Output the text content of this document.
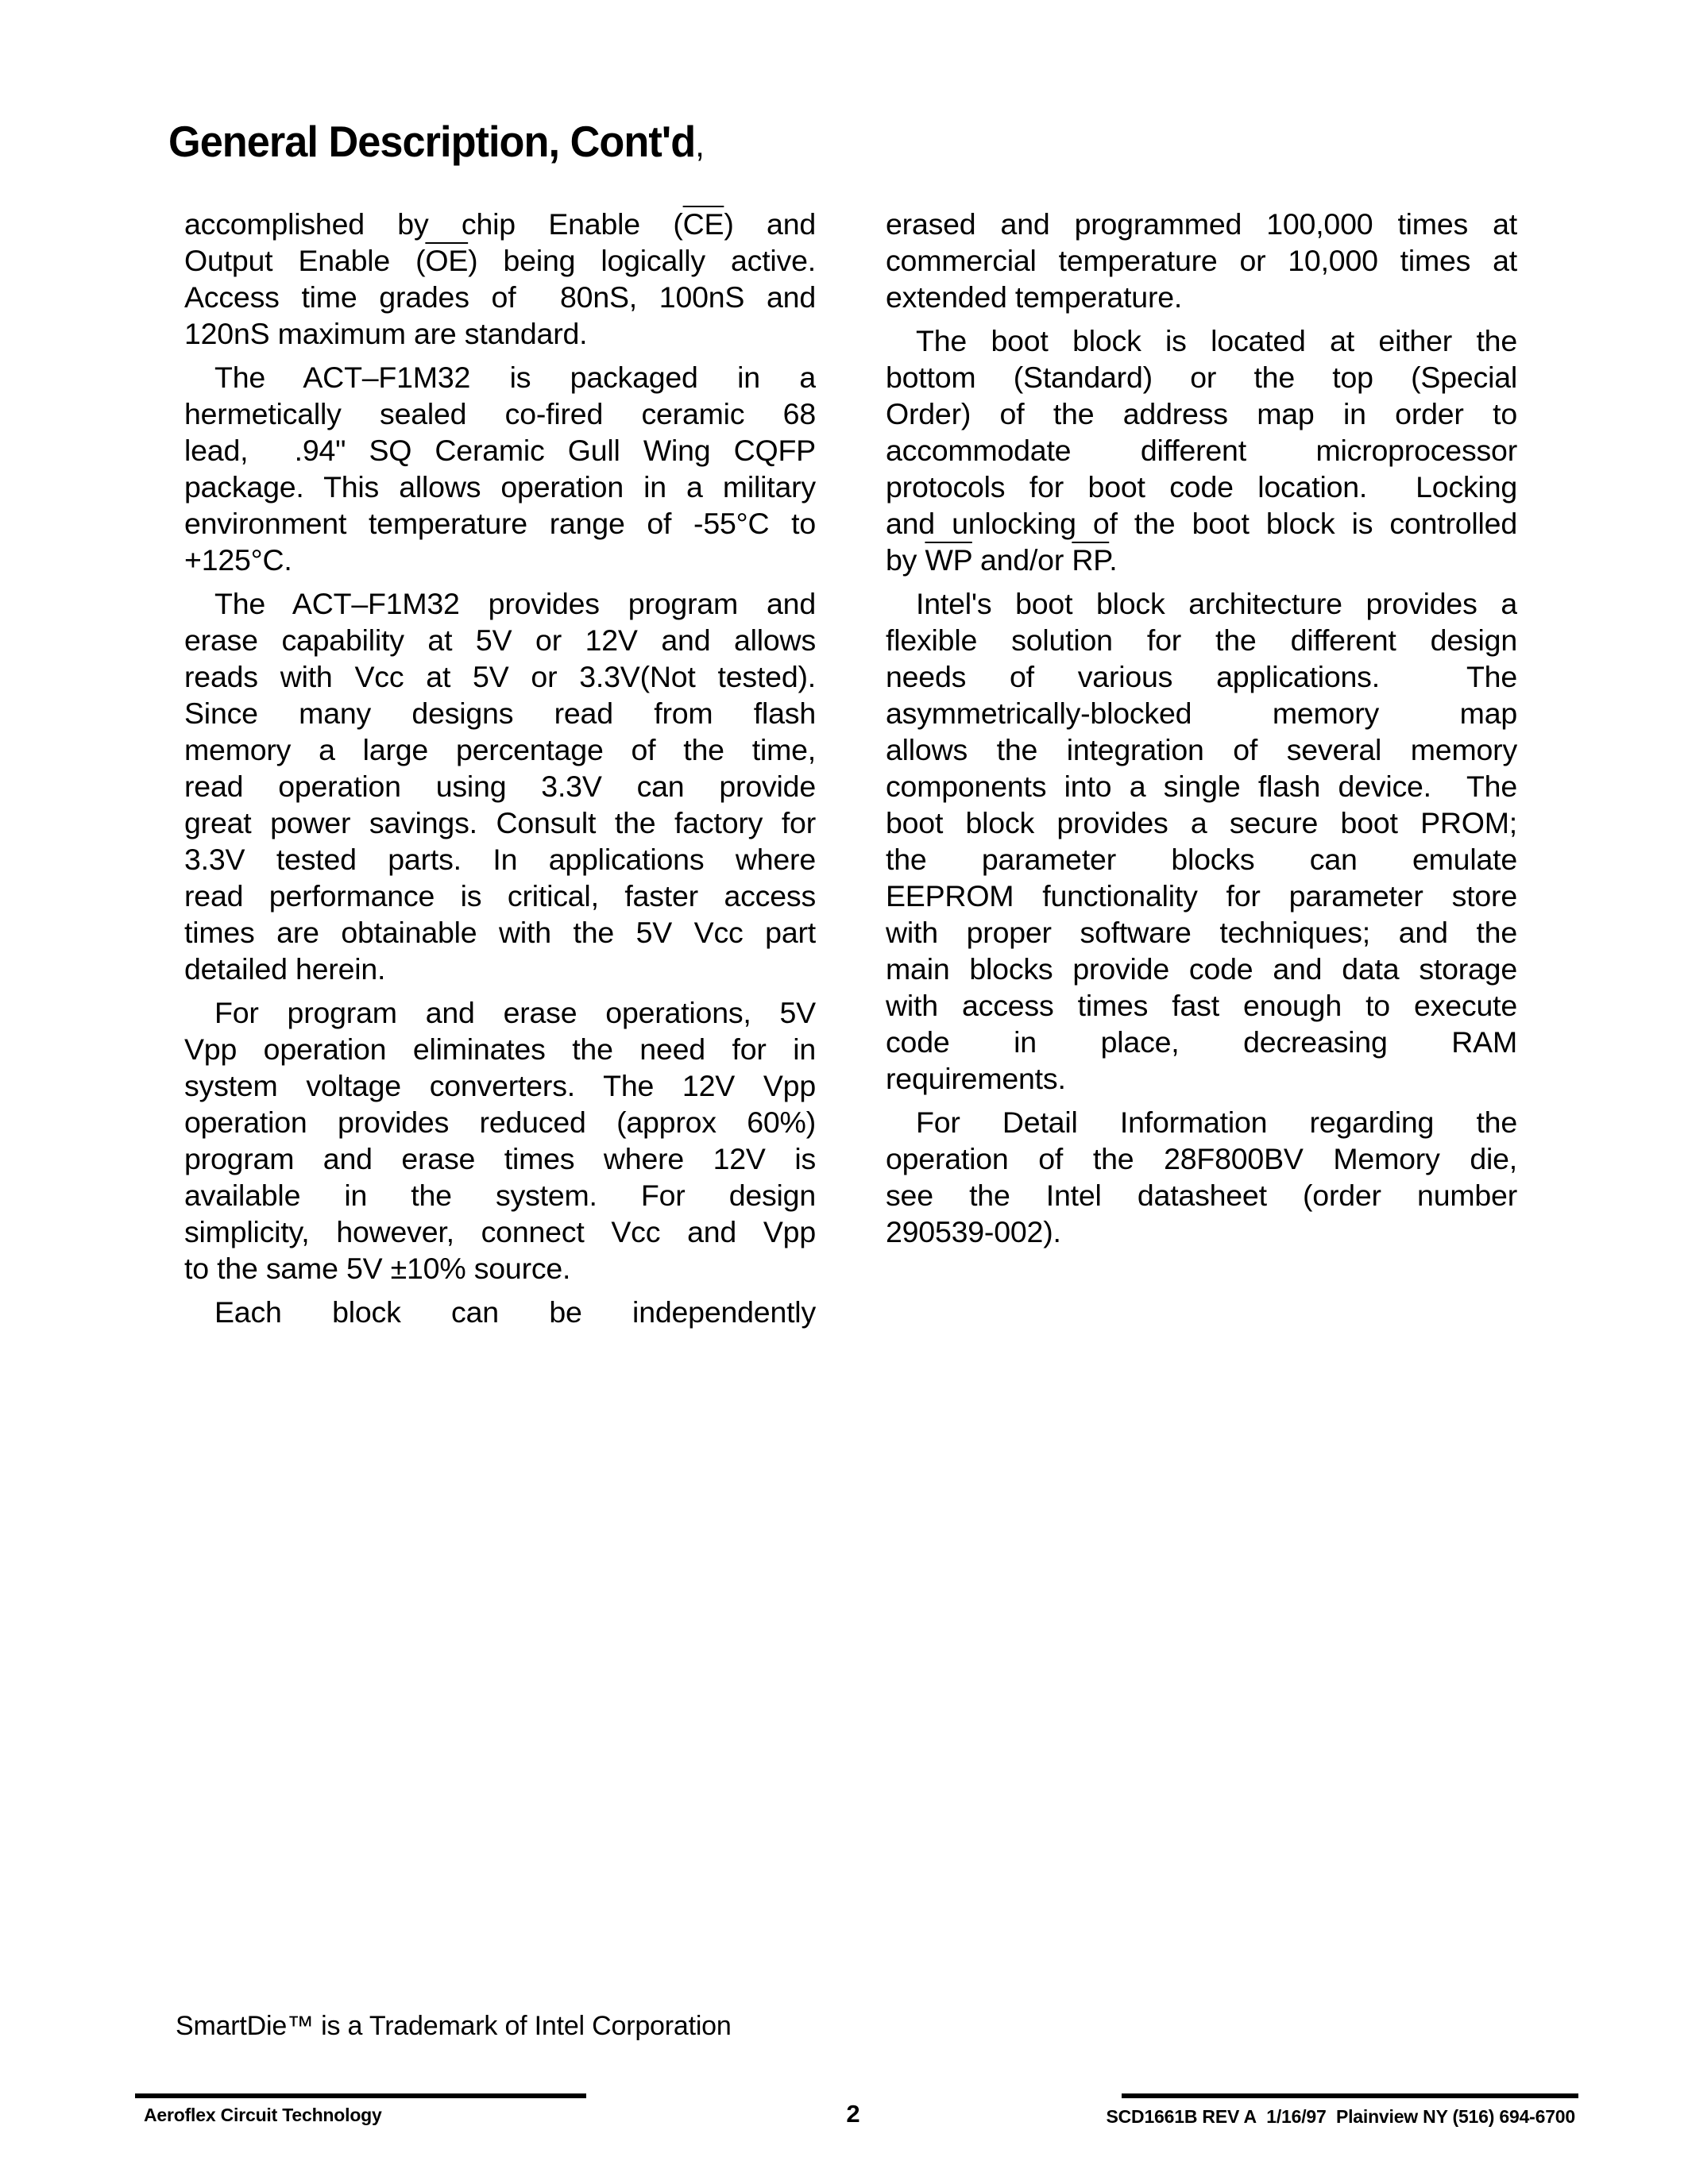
General Description, Cont'd,
accomplished by chip Enable $(\overline{CE})$ and
Output Enable $(\overline{OE})$ being logically active.
Access time grades of  80nS, 100nS and
120nS maximum are standard.
The ACT–F1M32 is packaged in a
hermetically sealed co-fired ceramic 68
lead,  .94" SQ Ceramic Gull Wing CQFP
package. This allows operation in a military
environment temperature range of -55°C to
+125°C.
The ACT–F1M32 provides program and
erase capability at 5V or 12V and allows
reads with Vcc at 5V or 3.3V(Not tested).
Since many designs read from flash
memory a large percentage of the time,
read operation using 3.3V can provide
great power savings. Consult the factory for
3.3V tested parts. In applications where
read performance is critical, faster access
times are obtainable with the 5V Vcc part
detailed herein.
For program and erase operations, 5V
Vpp operation eliminates the need for in
system voltage converters. The 12V Vpp
operation provides reduced (approx 60%)
program and erase times where 12V is
available in the system. For design
simplicity, however, connect Vcc and Vpp
to the same 5V ±10% source.
Each block can be independently
erased and programmed 100,000 times at
commercial temperature or 10,000 times at
extended temperature.
The boot block is located at either the
bottom (Standard) or the top (Special
Order) of the address map in order to
accommodate different microprocessor
protocols for boot code location.  Locking
and unlocking of the boot block is controlled
by $\overline{WP}$ and/or $\overline{RP}$.
Intel's boot block architecture provides a
flexible solution for the different design
needs of various applications.  The
asymmetrically-blocked memory map
allows the integration of several memory
components into a single flash device.  The
boot block provides a secure boot PROM;
the parameter blocks can emulate
EEPROM functionality for parameter store
with proper software techniques; and the
main blocks provide code and data storage
with access times fast enough to execute
code in place, decreasing RAM
requirements.
For Detail Information regarding the
operation of the 28F800BV Memory die,
see the Intel datasheet (order number
290539-002).
SmartDie™ is a Trademark of Intel Corporation
Aeroflex Circuit Technology	2	SCD1661B REV A  1/16/97  Plainview NY (516) 694-6700
